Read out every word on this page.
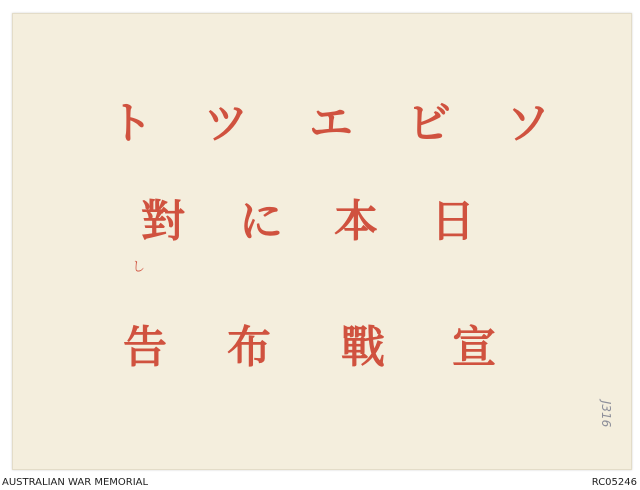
ト ツ エ ビ ソ
對 に 本 日
し
告 布 戰 宣
J316
AUSTRALIAN WAR MEMORIAL	RC05246
